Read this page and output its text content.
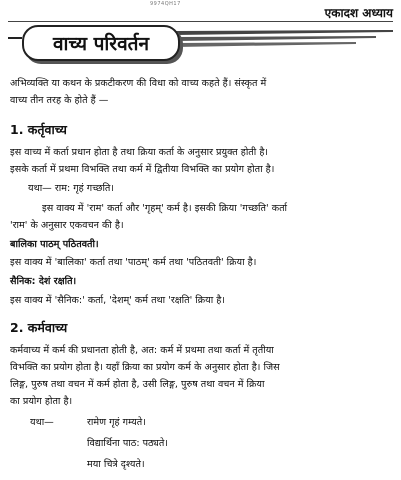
9974QH17
एकादश अध्याय
वाच्य परिवर्तन
अभिव्यक्ति या कथन के प्रकटीकरण की विधा को वाच्य कहते हैं। संस्कृत में
वाच्य तीन तरह के होते हैं —
1. कर्तृवाच्य
इस वाच्य में कर्ता प्रधान होता है तथा क्रिया कर्ता के अनुसार प्रयुक्त होती है।
इसके कर्ता में प्रथमा विभक्ति तथा कर्म में द्वितीया विभक्ति का प्रयोग होता है।
यथा— राम: गृहं गच्छति।
इस वाक्य में 'राम' कर्ता और 'गृहम्' कर्म है। इसकी क्रिया 'गच्छति' कर्ता
'राम' के अनुसार एकवचन की है।
बालिका पाठम् पठितवती।
इस वाक्य में 'बालिका' कर्ता तथा 'पाठम्' कर्म तथा 'पठितवती' क्रिया है।
सैनिक: देशं रक्षति।
इस वाक्य में 'सैनिक:' कर्ता, 'देशम्' कर्म तथा 'रक्षति' क्रिया है।
2. कर्मवाच्य
कर्मवाच्य में कर्म की प्रधानता होती है, अत: कर्म में प्रथमा तथा कर्ता में तृतीया
विभक्ति का प्रयोग होता है। यहाँ क्रिया का प्रयोग कर्म के अनुसार होता है। जिस
लिङ्ग, पुरुष तथा वचन में कर्म होता है, उसी लिङ्ग, पुरुष तथा वचन में क्रिया
का प्रयोग होता है।
यथा—	रामेण गृहं गम्यते।
विद्यार्थिना पाठ: पठ्यते।
मया चित्रे दृश्यते।
